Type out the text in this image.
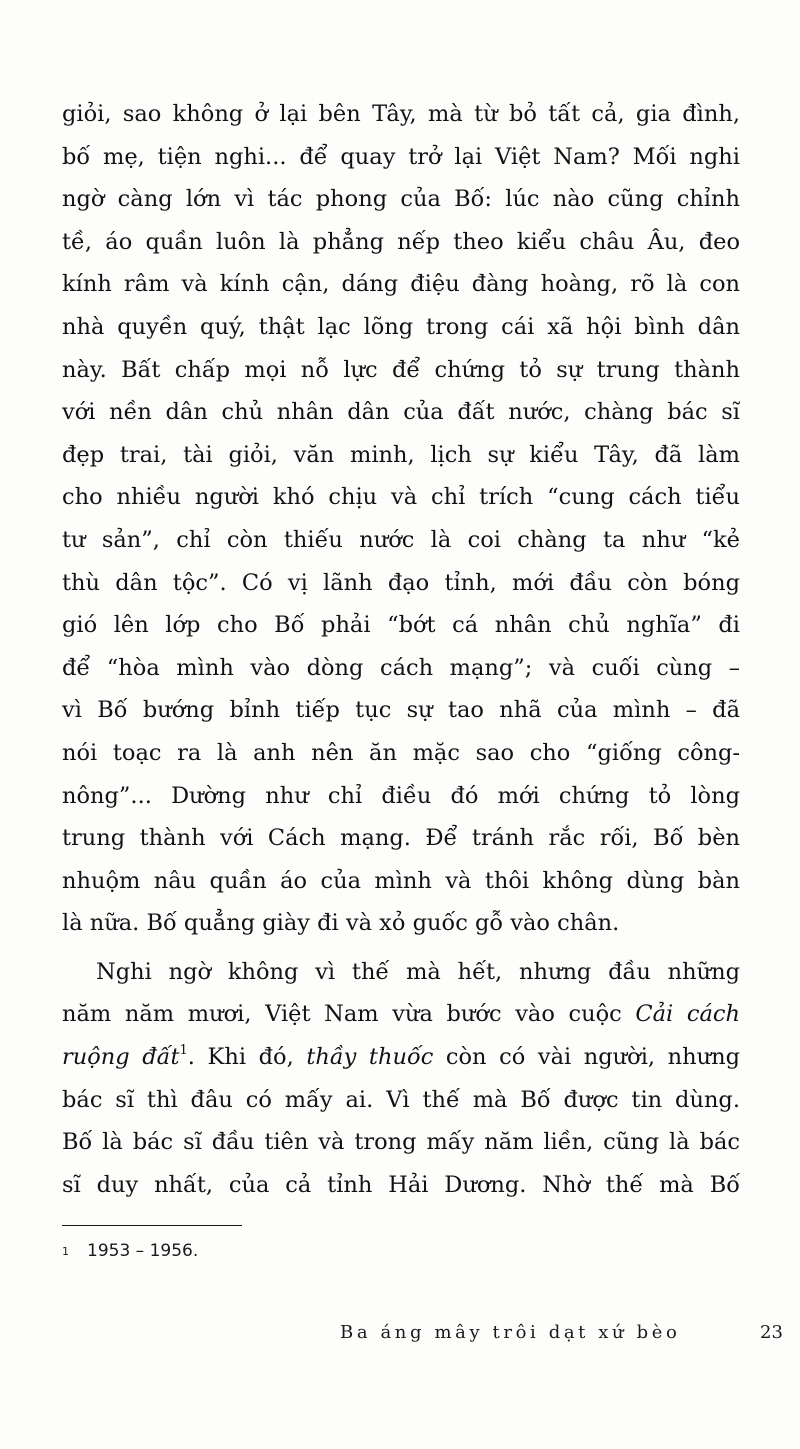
giỏi, sao không ở lại bên Tây, mà từ bỏ tất cả, gia đình,
bố mẹ, tiện nghi... để quay trở lại Việt Nam? Mối nghi
ngờ càng lớn vì tác phong của Bố: lúc nào cũng chỉnh
tề, áo quần luôn là phẳng nếp theo kiểu châu Âu, đeo
kính râm và kính cận, dáng điệu đàng hoàng, rõ là con
nhà quyền quý, thật lạc lõng trong cái xã hội bình dân
này. Bất chấp mọi nỗ lực để chứng tỏ sự trung thành
với nền dân chủ nhân dân của đất nước, chàng bác sĩ
đẹp trai, tài giỏi, văn minh, lịch sự kiểu Tây, đã làm
cho nhiều người khó chịu và chỉ trích “cung cách tiểu
tư sản”, chỉ còn thiếu nước là coi chàng ta như “kẻ
thù dân tộc”. Có vị lãnh đạo tỉnh, mới đầu còn bóng
gió lên lớp cho Bố phải “bớt cá nhân chủ nghĩa” đi
để “hòa mình vào dòng cách mạng”; và cuối cùng –
vì Bố bướng bỉnh tiếp tục sự tao nhã của mình – đã
nói toạc ra là anh nên ăn mặc sao cho “giống công-
nông”... Dường như chỉ điều đó mới chứng tỏ lòng
trung thành với Cách mạng. Để tránh rắc rối, Bố bèn
nhuộm nâu quần áo của mình và thôi không dùng bàn
là nữa. Bố quẳng giày đi và xỏ guốc gỗ vào chân.

Nghi ngờ không vì thế mà hết, nhưng đầu những
năm năm mươi, Việt Nam vừa bước vào cuộc Cải cách
ruộng đất$^1$. Khi đó, thầy thuốc còn có vài người, nhưng
bác sĩ thì đâu có mấy ai. Vì thế mà Bố được tin dùng.
Bố là bác sĩ đầu tiên và trong mấy năm liền, cũng là bác
sĩ duy nhất, của cả tỉnh Hải Dương. Nhờ thế mà Bố

$^1$ 1953 – 1956.
Ba áng mây trôi dạt xứ bèo	23
